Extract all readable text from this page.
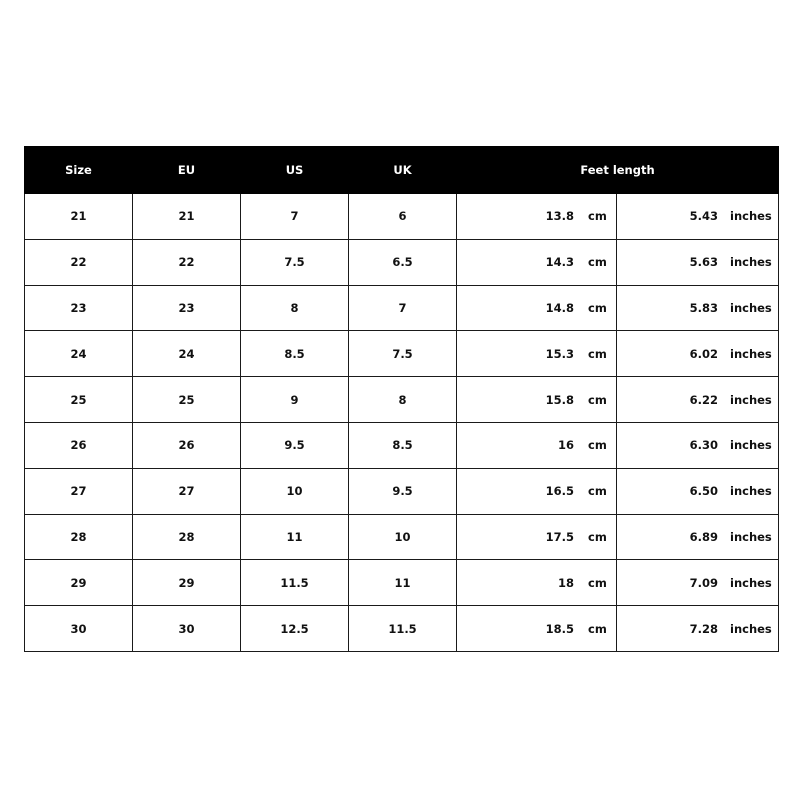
Size	EU	US	UK	Feet length	
21	21	7	6	13.8 cm	5.43 inches
22	22	7.5	6.5	14.3 cm	5.63 inches
23	23	8	7	14.8 cm	5.83 inches
24	24	8.5	7.5	15.3 cm	6.02 inches
25	25	9	8	15.8 cm	6.22 inches
26	26	9.5	8.5	16 cm	6.30 inches
27	27	10	9.5	16.5 cm	6.50 inches
28	28	11	10	17.5 cm	6.89 inches
29	29	11.5	11	18 cm	7.09 inches
30	30	12.5	11.5	18.5 cm	7.28 inches
